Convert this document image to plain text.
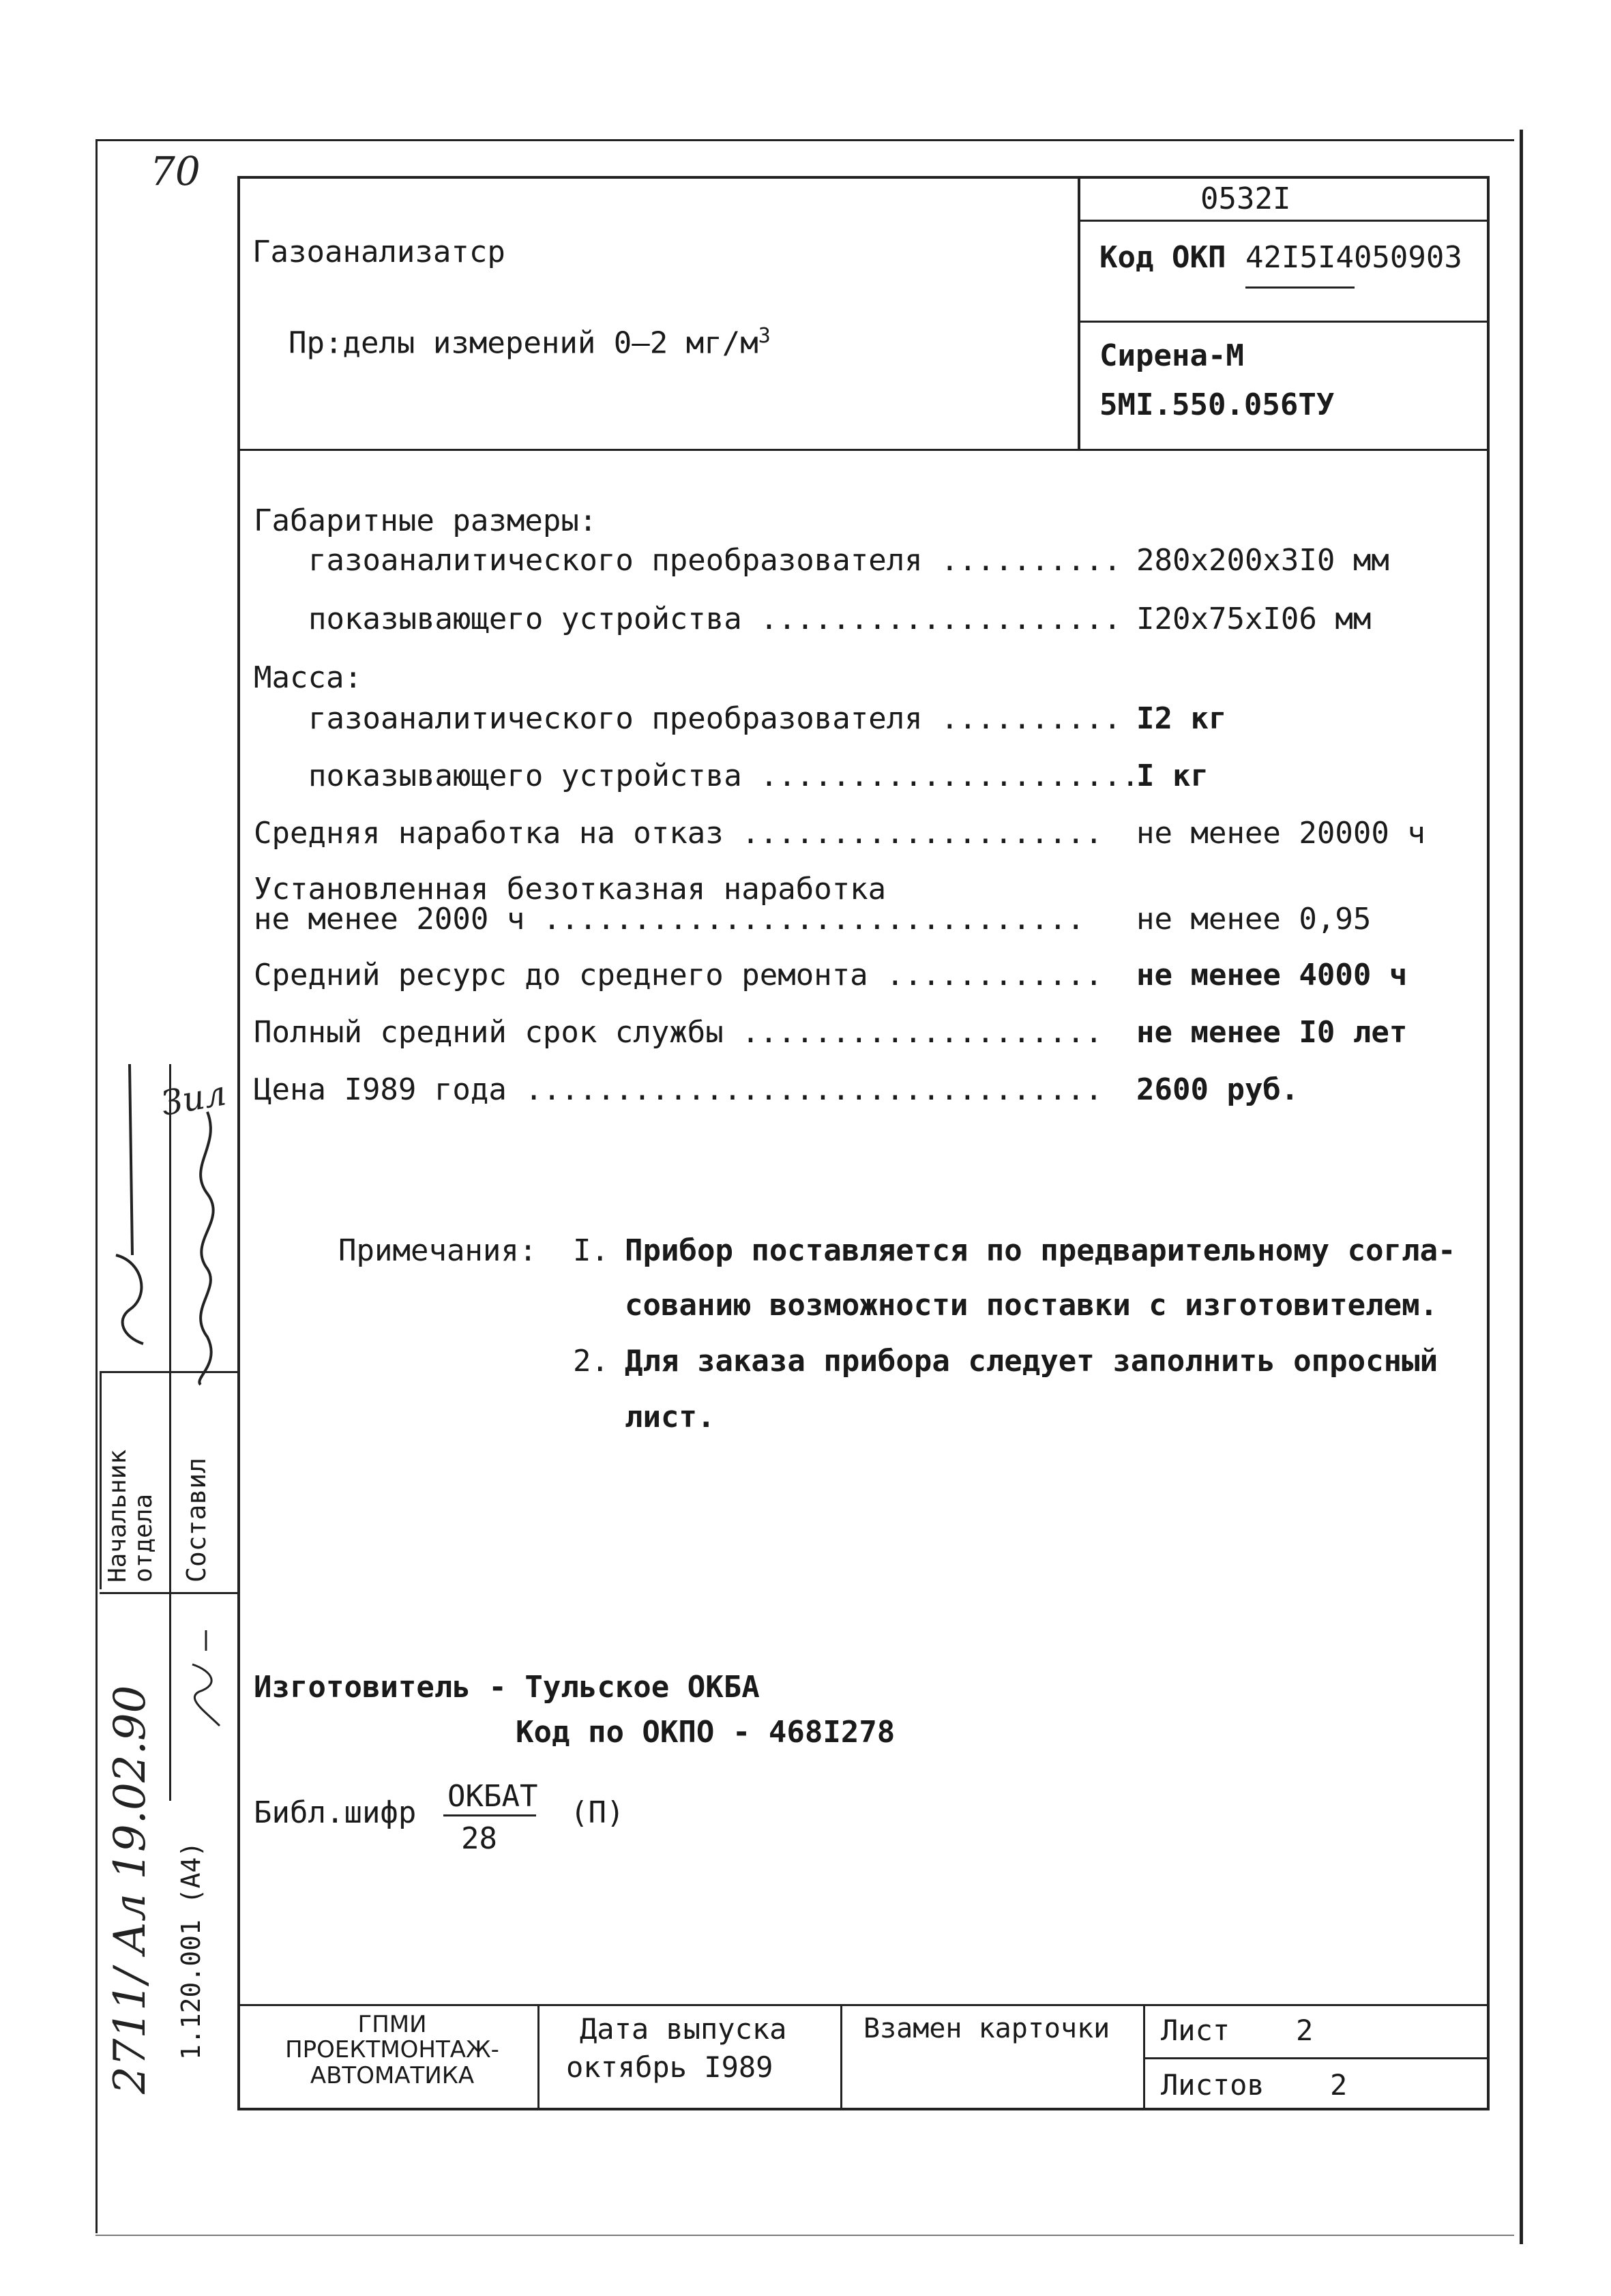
70
Газоанализатср

Пр:делы измерений 0–2 $мг/м^3$

0532I
Код ОКП 42I5I4050903
Сирена-М
5МI.550.056ТУ
Габаритные размеры:
газоаналитического преобразователя .......... 280x200x3I0 мм
показывающего устройства .................... I20x75xI06 мм
Масса:
газоаналитического преобразователя .......... I2 кг
показывающего устройства .....................
I кг
Средняя наработка на отказ .................... не менее 20000 ч
Установленная безотказная наработка
не менее 2000 ч .............................. не менее 0,95
Средний ресурс до среднего ремонта ............ не менее 4000 ч
Полный средний срок службы .................... не менее I0 лет
Цена I989 года ................................ 2600 руб.
Примечания: I. Прибор поставляется по предварительному согла-
сованию возможности поставки с изготовителем.
2. Для заказа прибора следует заполнить опросный
лист.
Изготовитель - Тульское ОКБА
Код по ОКПО - 468I278
Библ.шифр ОКБАТ
28
(П)
ГПМИ
ПРОЕКТМОНТАЖ-
АВТОМАТИКА
Дата выпуска
октябрь I989
Взамен карточки Лист 2
Листов 2
Начальник
отдела Составил
Зил
1.120.001 (А4)
2711/ Ал 19.02.90
